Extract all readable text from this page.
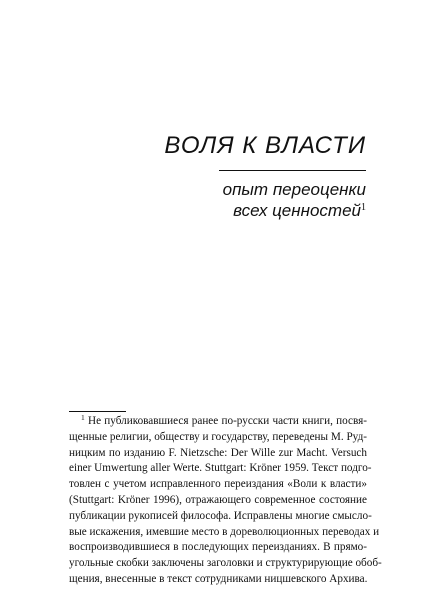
ВОЛЯ К ВЛАСТИ
опыт переоценки
всех ценностей$^1$
$^1$ Не публиковавшиеся ранее по-русски части книги, посвя-
щенные религии, обществу и государству, переведены М. Руд-
ницким по изданию F. Nietzsche: Der Wille zur Macht. Versuch
einer Umwertung aller Werte. Stuttgart: Kröner 1959. Текст подго-
товлен с учетом исправленного переиздания «Воли к власти»
(Stuttgart: Kröner 1996), отражающего современное состояние
публикации рукописей философа. Исправлены многие смысло-
вые искажения, имевшие место в дореволюционных переводах и
воспроизводившиеся в последующих переизданиях. В прямо-
угольные скобки заключены заголовки и структурирующие обоб-
щения, внесенные в текст сотрудниками ницшевского Архива.
